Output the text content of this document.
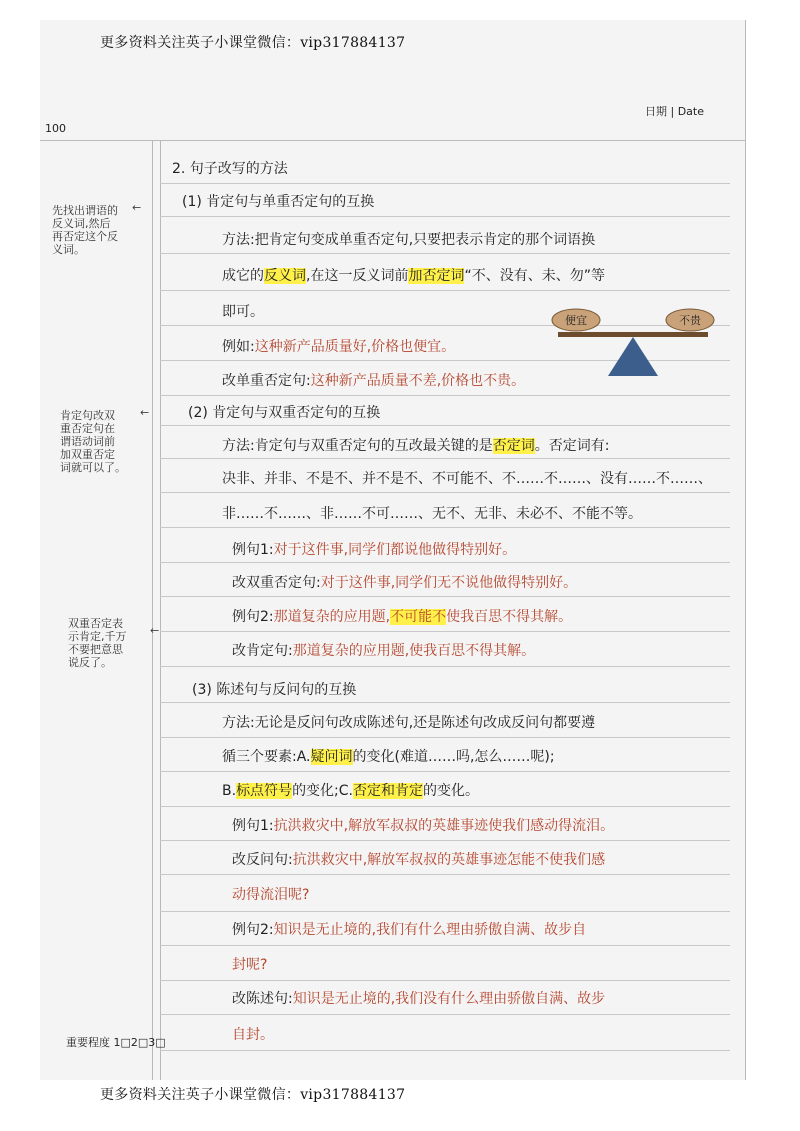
更多资料关注英子小课堂微信：vip317884137
100
日期 | Date
先找出谓语的
反义词,然后
再否定这个反
义词。
←
肯定句改双
重否定句在
谓语动词前
加双重否定
词就可以了。
←
双重否定表
示肯定,千万
不要把意思
说反了。
←
2. 句子改写的方法
(1) 肯定句与单重否定句的互换
方法:把肯定句变成单重否定句,只要把表示肯定的那个词语换
成它的反义词,在这一反义词前加否定词“不、没有、未、勿”等
即可。
例如:这种新产品质量好,价格也便宜。
改单重否定句:这种新产品质量不差,价格也不贵。
便宜	不贵
(2) 肯定句与双重否定句的互换
方法:肯定句与双重否定句的互改最关键的是否定词。否定词有:
决非、并非、不是不、并不是不、不可能不、不……不……、没有……不……、
非……不……、非……不可……、无不、无非、未必不、不能不等。
例句1:对于这件事,同学们都说他做得特别好。
改双重否定句:对于这件事,同学们无不说他做得特别好。
例句2:那道复杂的应用题,不可能不使我百思不得其解。
改肯定句:那道复杂的应用题,使我百思不得其解。
(3) 陈述句与反问句的互换
方法:无论是反问句改成陈述句,还是陈述句改成反问句都要遵
循三个要素:A.疑问词的变化(难道……吗,怎么……呢);
B.标点符号的变化;C.否定和肯定的变化。
例句1:抗洪救灾中,解放军叔叔的英雄事迹使我们感动得流泪。
改反问句:抗洪救灾中,解放军叔叔的英雄事迹怎能不使我们感
动得流泪呢?
例句2:知识是无止境的,我们有什么理由骄傲自满、故步自
封呢?
改陈述句:知识是无止境的,我们没有什么理由骄傲自满、故步
自封。
重要程度 1□2□3□
更多资料关注英子小课堂微信：vip317884137
